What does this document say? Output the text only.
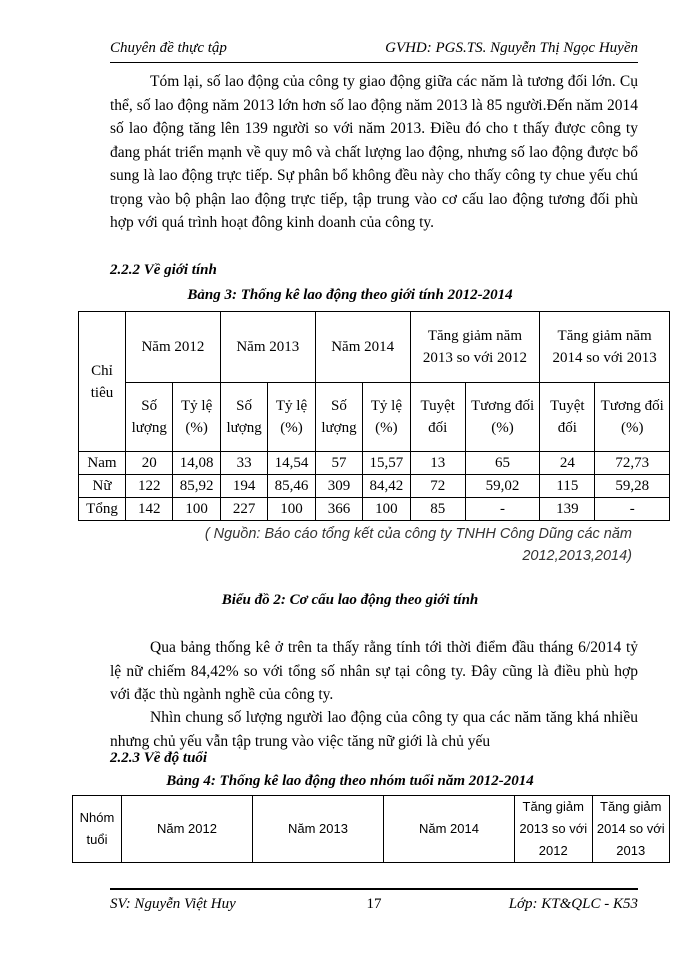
Chuyên đề thực tập	GVHD: PGS.TS. Nguyễn Thị Ngọc Huyền

Tóm lại, số lao động của công ty giao động giữa các năm là tương đối lớn. Cụ thể, số lao động năm 2013 lớn hơn số lao động năm 2013 là 85 người.Đến năm 2014 số lao động tăng lên 139 người so với năm 2013. Điều đó cho t thấy được công ty đang phát triển mạnh về quy mô và chất lượng lao động, nhưng số lao động được bổ sung là lao động trực tiếp. Sự phân bổ không đều này cho thấy công ty chue yếu chú trọng vào bộ phận lao động trực tiếp, tập trung vào cơ cấu lao động tương đối phù hợp với quá trình hoạt đông kinh doanh của công ty.

2.2.2 Về giới tính
Bảng 3: Thống kê lao động theo giới tính 2012-2014
Chỉ tiêu	Năm 2012		Năm 2013		Năm 2014		Tăng giảm năm 2013 so với 2012		Tăng giảm năm 2014 so với 2013	
	Số lượng	Tỷ lệ (%)	Số lượng	Tỷ lệ (%)	Số lượng	Tỷ lệ (%)	Tuyệt đối	Tương đối (%)	Tuyệt đối	Tương đối (%)
Nam	20	14,08	33	14,54	57	15,57	13	65	24	72,73
Nữ	122	85,92	194	85,46	309	84,42	72	59,02	115	59,28
Tổng	142	100	227	100	366	100	85	-	139	-
( Nguồn: Báo cáo tổng kết của công ty TNHH Công Dũng các năm
2012,2013,2014)
Biểu đồ 2: Cơ cấu lao động theo giới tính

Qua bảng thống kê ở trên ta thấy rằng tính tới thời điểm đầu tháng 6/2014 tỷ lệ nữ chiếm 84,42% so với tổng số nhân sự tại công ty. Đây cũng là điều phù hợp với đặc thù ngành nghề của công ty.

Nhìn chung số lượng người lao động của công ty qua các năm tăng khá nhiều nhưng chủ yếu vẫn tập trung vào việc tăng nữ giới là chủ yếu

2.2.3 Về độ tuổi
Bảng 4: Thống kê lao động theo nhóm tuổi năm 2012-2014
Nhóm tuổi	Năm 2012	Năm 2013	Năm 2014	Tăng giảm 2013 so với 2012	Tăng giảm 2014 so với 2013
SV: Nguyễn Việt Huy	17	Lớp: KT&QLC - K53
